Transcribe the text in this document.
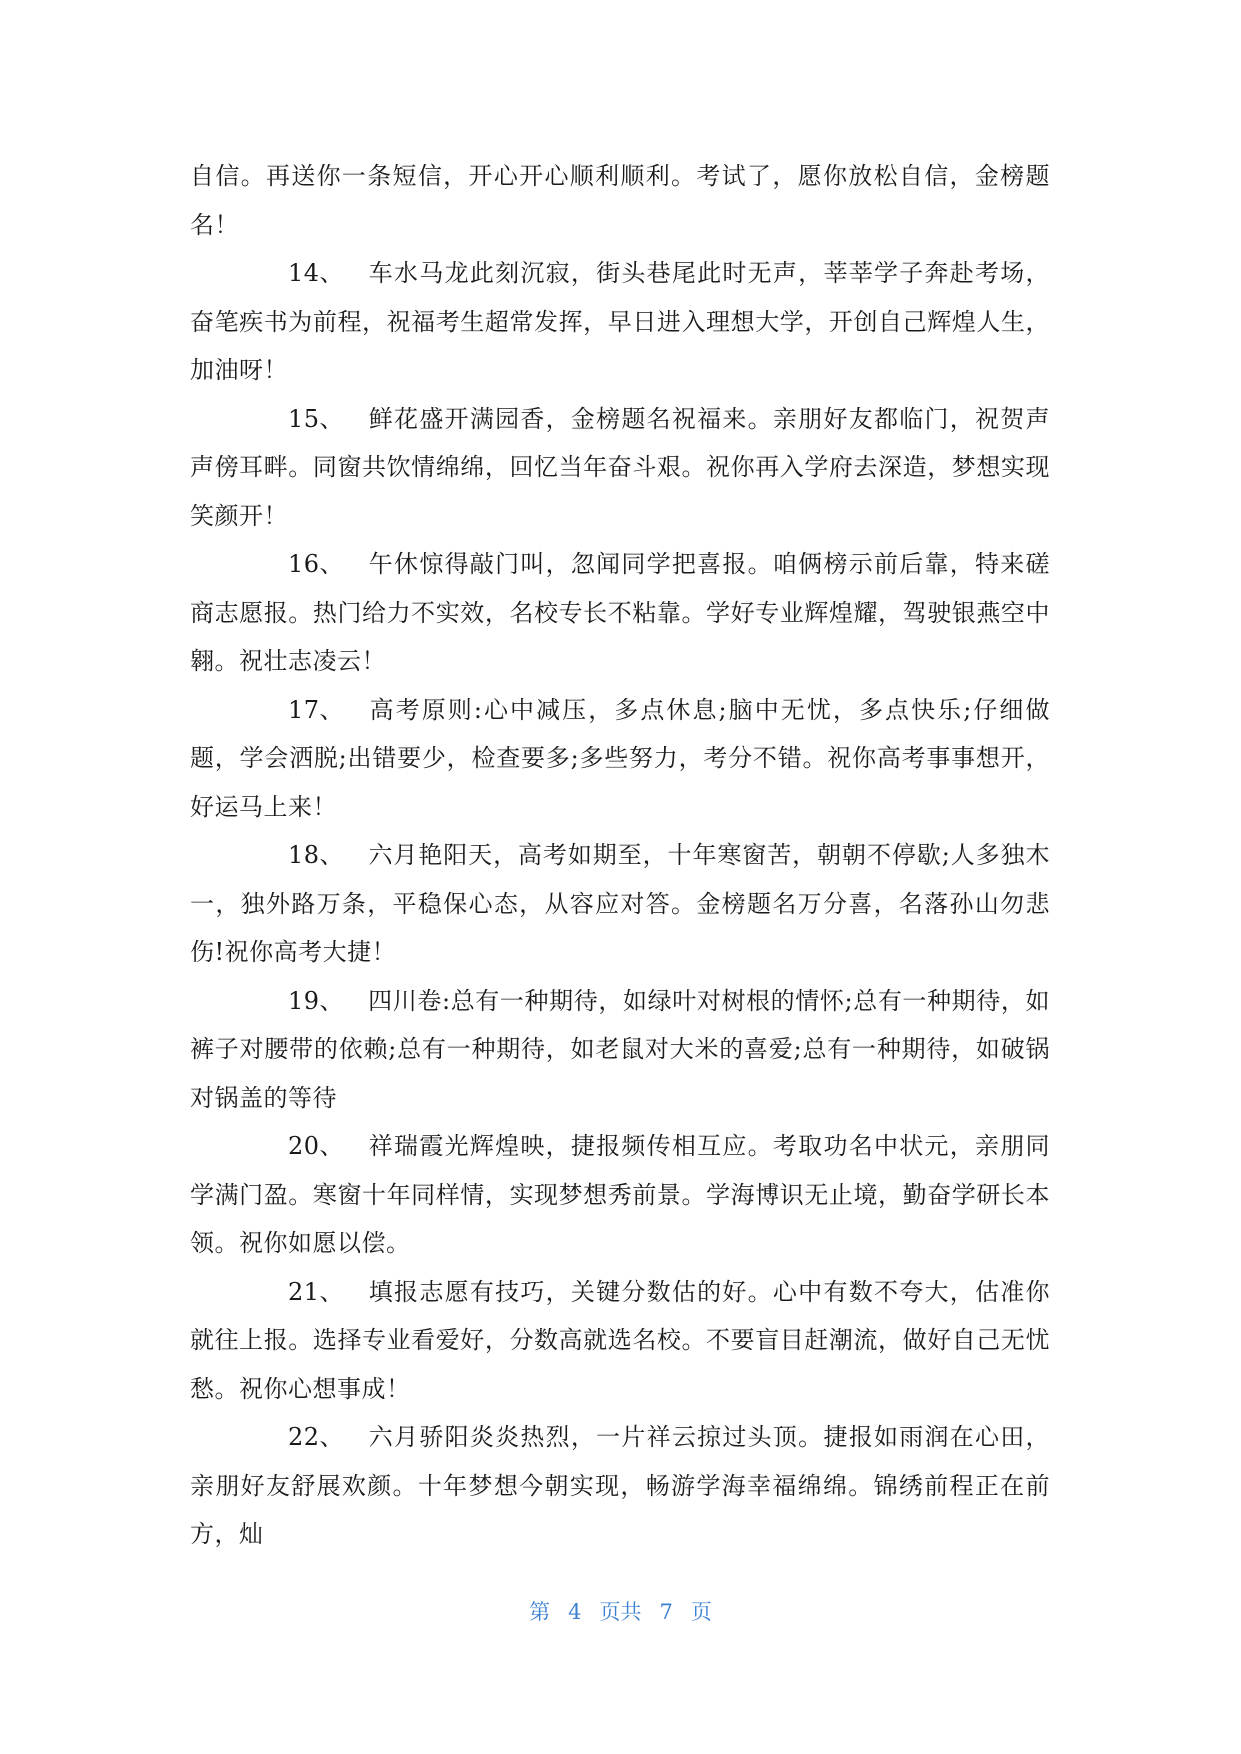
自信。再送你一条短信，开心开心顺利顺利。考试了，愿你放松自信，金榜题名！

14、 车水马龙此刻沉寂，街头巷尾此时无声，莘莘学子奔赴考场，奋笔疾书为前程，祝福考生超常发挥，早日进入理想大学，开创自己辉煌人生，加油呀！

15、 鲜花盛开满园香，金榜题名祝福来。亲朋好友都临门，祝贺声声傍耳畔。同窗共饮情绵绵，回忆当年奋斗艰。祝你再入学府去深造，梦想实现笑颜开！

16、 午休惊得敲门叫，忽闻同学把喜报。咱俩榜示前后靠，特来磋商志愿报。热门给力不实效，名校专长不粘靠。学好专业辉煌耀，驾驶银燕空中翱。祝壮志凌云！

17、 高考原则:心中减压，多点休息;脑中无忧，多点快乐;仔细做题，学会洒脱;出错要少，检查要多;多些努力，考分不错。祝你高考事事想开，好运马上来！

18、 六月艳阳天，高考如期至，十年寒窗苦，朝朝不停歇;人多独木一，独外路万条，平稳保心态，从容应对答。金榜题名万分喜，名落孙山勿悲伤!祝你高考大捷！

19、 四川卷:总有一种期待，如绿叶对树根的情怀;总有一种期待，如裤子对腰带的依赖;总有一种期待，如老鼠对大米的喜爱;总有一种期待，如破锅对锅盖的等待

20、 祥瑞霞光辉煌映，捷报频传相互应。考取功名中状元，亲朋同学满门盈。寒窗十年同样情，实现梦想秀前景。学海博识无止境，勤奋学研长本领。祝你如愿以偿。

21、 填报志愿有技巧，关键分数估的好。心中有数不夸大，估准你就往上报。选择专业看爱好，分数高就选名校。不要盲目赶潮流，做好自己无忧愁。祝你心想事成！

22、 六月骄阳炎炎热烈，一片祥云掠过头顶。捷报如雨润在心田，亲朋好友舒展欢颜。十年梦想今朝实现，畅游学海幸福绵绵。锦绣前程正在前方，灿

第 4 页共 7 页
